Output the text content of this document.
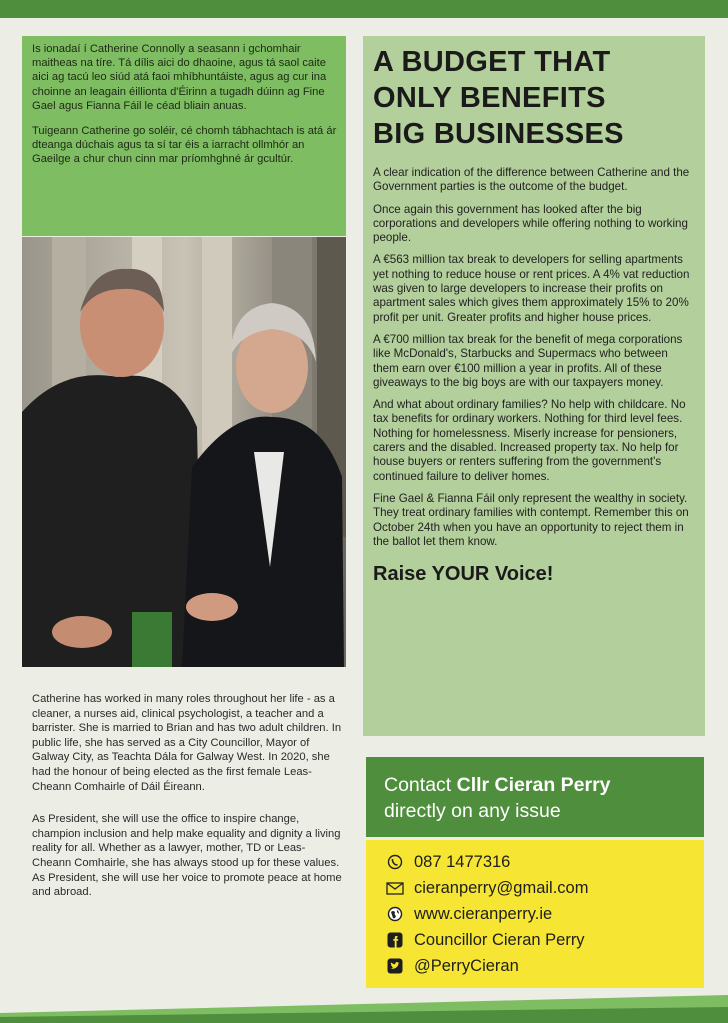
Is ionadaí í Catherine Connolly a seasann i gchomhair maitheas na tíre. Tá dílis aici do dhaoine, agus tá saol caite aici ag tacú leo siúd atá faoi mhíbhuntáiste, agus ag cur ina choinne an leagain éillionta d'Éirinn a tugadh dúinn ag Fine Gael agus Fianna Fáil le céad bliain anuas.

Tuigeann Catherine go soléir, cé chomh tábhachtach is atá ár dteanga dúchais agus ta sí tar éis a iarracht ollmhór an Gaeilge a chur chun cinn mar príomhghné ár gcultúr.

Catherine has worked in many roles throughout her life - as a cleaner, a nurses aid, clinical psychologist, a teacher and a barrister. She is married to Brian and has two adult children. In public life, she has served as a City Councillor, Mayor of Galway City, as Teachta Dála for Galway West. In 2020, she had the honour of being elected as the first female Leas-Cheann Comhairle of Dáil Éireann.

As President, she will use the office to inspire change, champion inclusion and help make equality and dignity a living reality for all. Whether as a lawyer, mother, TD or Leas-Cheann Comhairle, she has always stood up for these values. As President, she will use her voice to promote peace at home and abroad.

A BUDGET THAT
ONLY BENEFITS
BIG BUSINESSES

A clear indication of the difference between Catherine and the Government parties is the outcome of the budget.

Once again this government has looked after the big corporations and developers while offering nothing to working people.

A €563 million tax break to developers for selling apartments yet nothing to reduce house or rent prices. A 4% vat reduction was given to large developers to increase their profits on apartment sales which gives them approximately 15% to 20% profit per unit. Greater profits and higher house prices.

A €700 million tax break for the benefit of mega corporations like McDonald's, Starbucks and Supermacs who between them earn over €100 million a year in profits. All of these giveaways to the big boys are with our taxpayers money.

And what about ordinary families? No help with childcare. No tax benefits for ordinary workers. Nothing for third level fees. Nothing for homelessness. Miserly increase for pensioners, carers and the disabled. Increased property tax. No help for house buyers or renters suffering from the government's continued failure to deliver homes.

Fine Gael & Fianna Fáil only represent the wealthy in society. They treat ordinary families with contempt. Remember this on October 24th when you have an opportunity to reject them in the ballot let them know.

Raise YOUR Voice!
Contact Cllr Cieran Perry
directly on any issue
087 1477316
cieranperry@gmail.com
www.cieranperry.ie
Councillor Cieran Perry
@PerryCieran
